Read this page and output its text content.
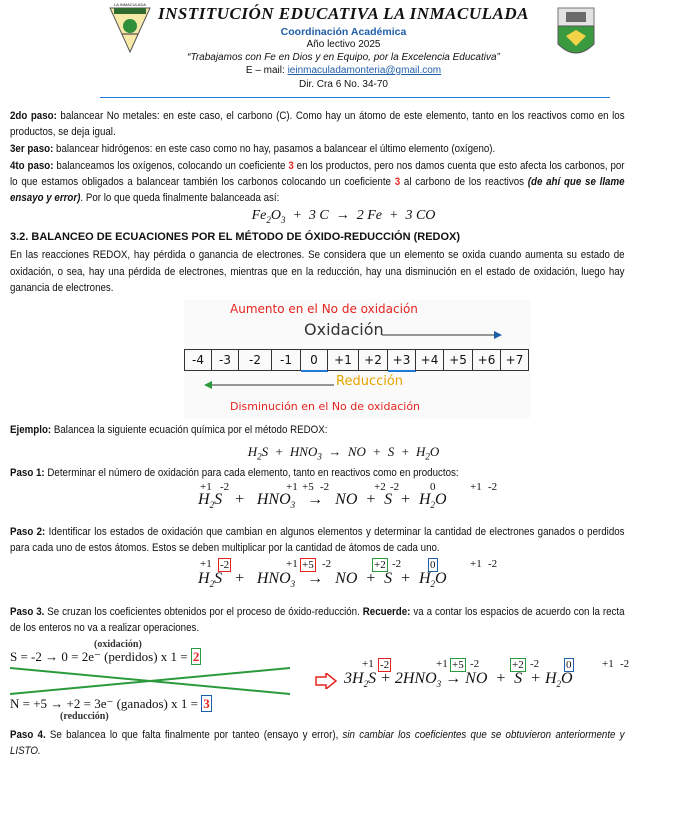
LA INMACULADA INSTITUCIÓN EDUCATIVA LA INMACULADA
Coordinación Académica
Año lectivo 2025
“Trabajamos con Fe en Dios y en Equipo, por la Excelencia Educativa”
E – mail: ieinmaculadamonteria@gmail.com
Dir. Cra 6 No. 34-70
2do paso: balancear No metales: en este caso, el carbono (C). Como hay un átomo de este elemento, tanto en los reactivos como en los productos, se deja igual.
3er paso: balancear hidrógenos: en este caso como no hay, pasamos a balancear el último elemento (oxígeno).
4to paso: balanceamos los oxígenos, colocando un coeficiente 3 en los productos, pero nos damos cuenta que esto afecta los carbonos, por lo que estamos obligados a balancear también los carbonos colocando un coeficiente 3 al carbono de los reactivos (de ahí que se llame ensayo y error). Por lo que queda finalmente balanceada así:
$Fe_2O_3 + 3$ C → 2 Fe + 3 CO
3.2. BALANCEO DE ECUACIONES POR EL MÉTODO DE ÓXIDO-REDUCCIÓN (REDOX)
En las reacciones REDOX, hay pérdida o ganancia de electrones. Se considera que un elemento se oxida cuando aumenta su estado de oxidación, o sea, hay una pérdida de electrones, mientras que en la reducción, hay una disminución en el estado de oxidación, luego hay ganancia de electrones.
Aumento en el No de oxidación
Oxidación
-4	-3	-2	-1	0	+1	+2 +3 +4 +5 +6 +7
Reducción
Disminución en el No de oxidación
Ejemplo: Balancea la siguiente ecuación química por el método REDOX:
$H_2S + HNO_3$ → NO + $S + H_2O$
Paso 1: Determinar el número de oxidación para cada elemento, tanto en reactivos como en productos:
+1 -2	+1 +5 -2	+2 -2	0	+1 -2
$H_2S + HNO_3$ → NO + $S + H_2O$
Paso 2: Identificar los estados de oxidación que cambian en algunos elementos y determinar la cantidad de electrones ganados o perdidos para cada uno de estos átomos. Estos se deben multiplicar por la cantidad de átomos de cada uno.
+1 -2	+1 +5 -2	+2 -2	0	+1 -2
$H_2S + HNO_3$ → NO + $S + H_2O$
Paso 3. Se cruzan los coeficientes obtenidos por el proceso de óxido-reducción. Recuerde: va a contar los espacios de acuerdo con la recta de los enteros no va a realizar operaciones.
(oxidación)
S = -2 → 0 = 2e⁻ (perdidos) x 1 = 2
N = +5 → +2 = 3e⁻ (ganados) x 1 = 3
(reducción)
+1 -2	+1 +5 -2	+2 -2 0	+1 -2
$3H_2S + 2HNO_3$ → NO + $S + H_2O$
Paso 4. Se balancea lo que falta finalmente por tanteo (ensayo y error), sin cambiar los coeficientes que se obtuvieron anteriormente y LISTO.
